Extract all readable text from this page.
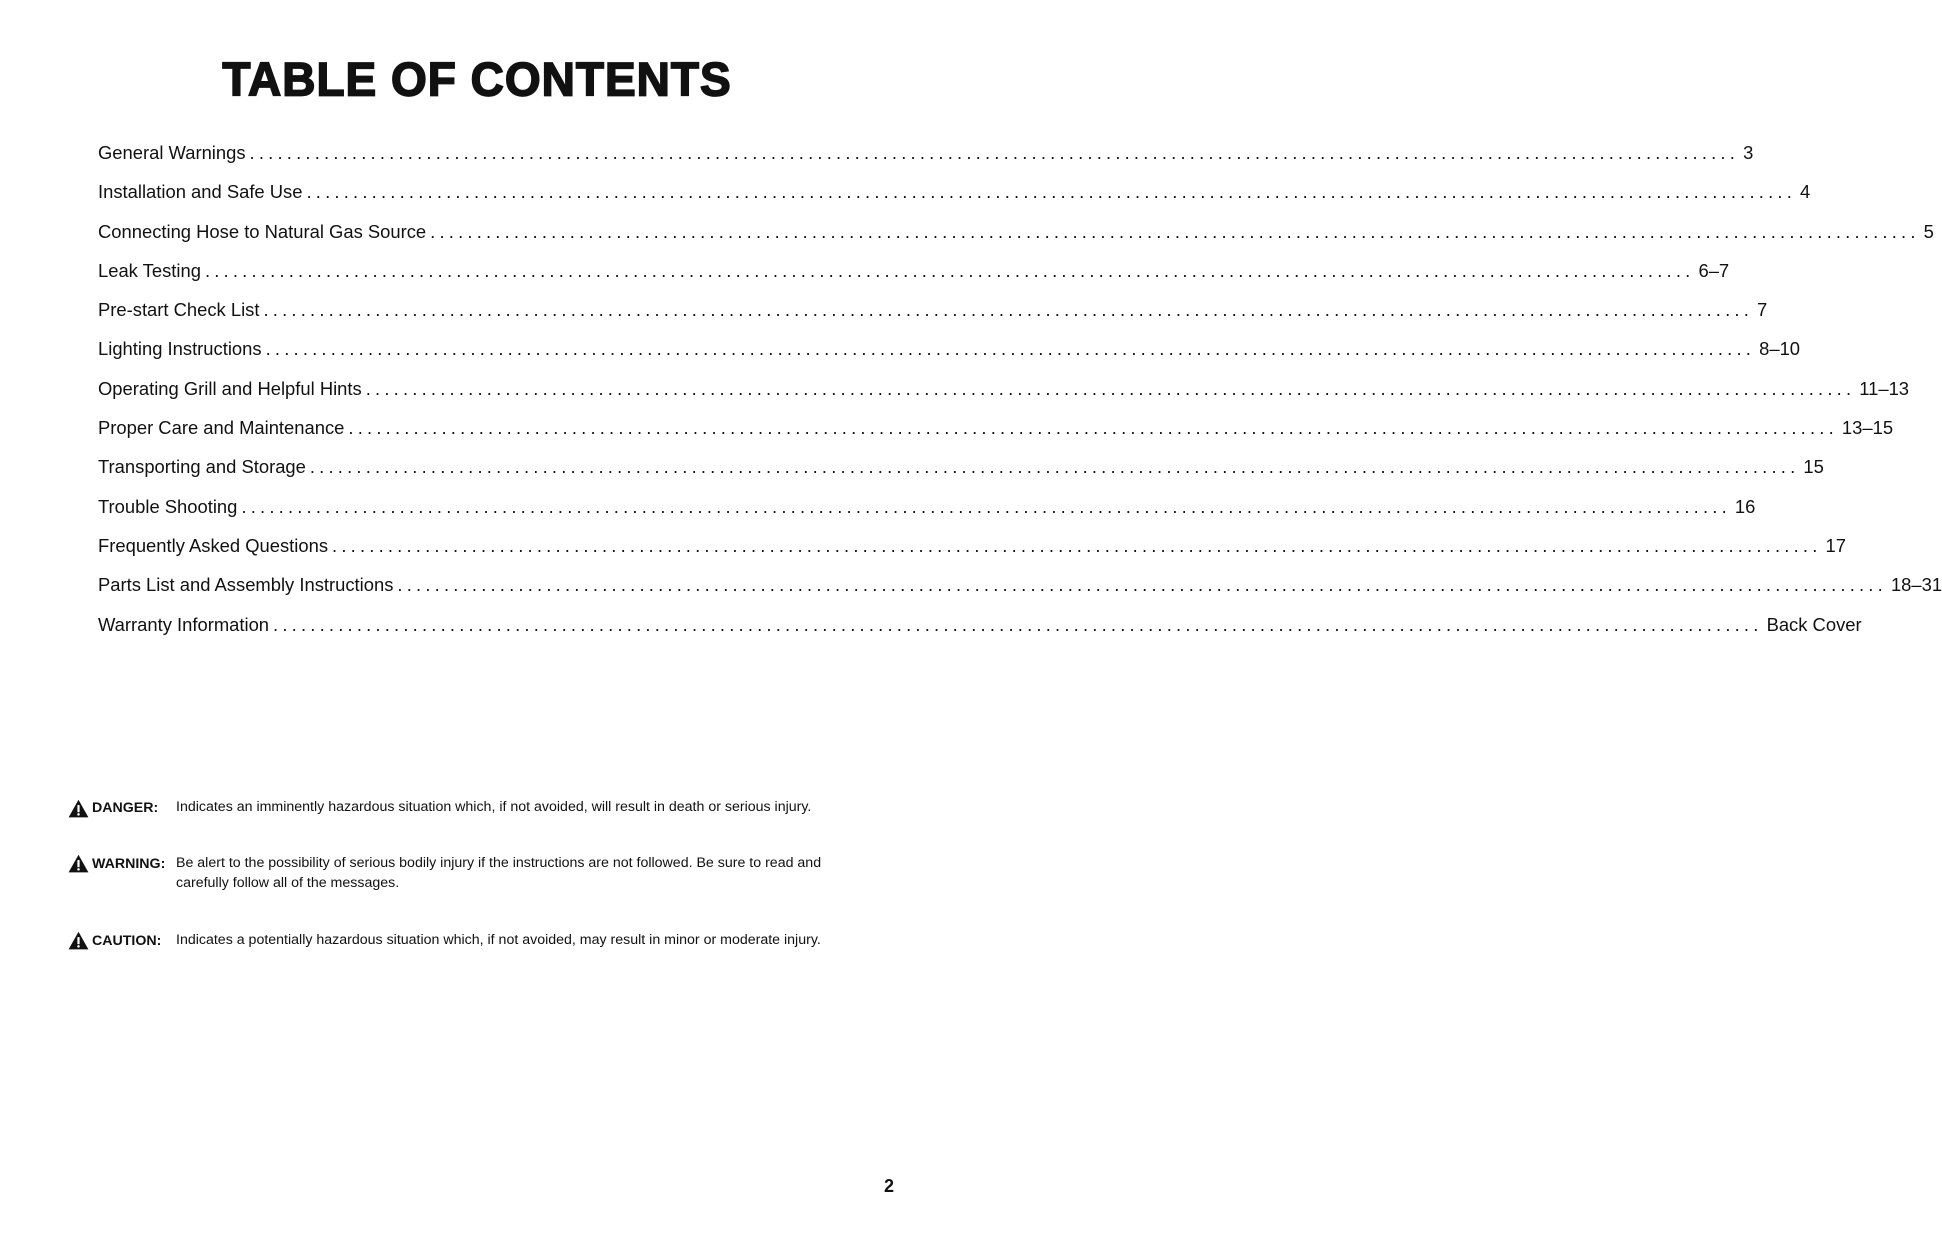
TABLE OF CONTENTS
General Warnings ................................................................................................................................................................ 3
Installation and Safe Use ................................................................................................................................................................ 4
Connecting Hose to Natural Gas Source ................................................................................................................................................................ 5
Leak Testing ................................................................................................................................................................ 6–7
Pre-start Check List ................................................................................................................................................................ 7
Lighting Instructions ................................................................................................................................................................ 8–10
Operating Grill and Helpful Hints ................................................................................................................................................................ 11–13
Proper Care and Maintenance ................................................................................................................................................................ 13–15
Transporting and Storage ................................................................................................................................................................ 15
Trouble Shooting ................................................................................................................................................................ 16
Frequently Asked Questions ................................................................................................................................................................ 17
Parts List and Assembly Instructions ................................................................................................................................................................ 18–31
Warranty Information ................................................................................................................................................................ Back Cover
DANGER: Indicates an imminently hazardous situation which, if not avoided, will result in death or serious injury.
WARNING: Be alert to the possibility of serious bodily injury if the instructions are not followed. Be sure to read and carefully follow all of the messages.
CAUTION: Indicates a potentially hazardous situation which, if not avoided, may result in minor or moderate injury.
2
